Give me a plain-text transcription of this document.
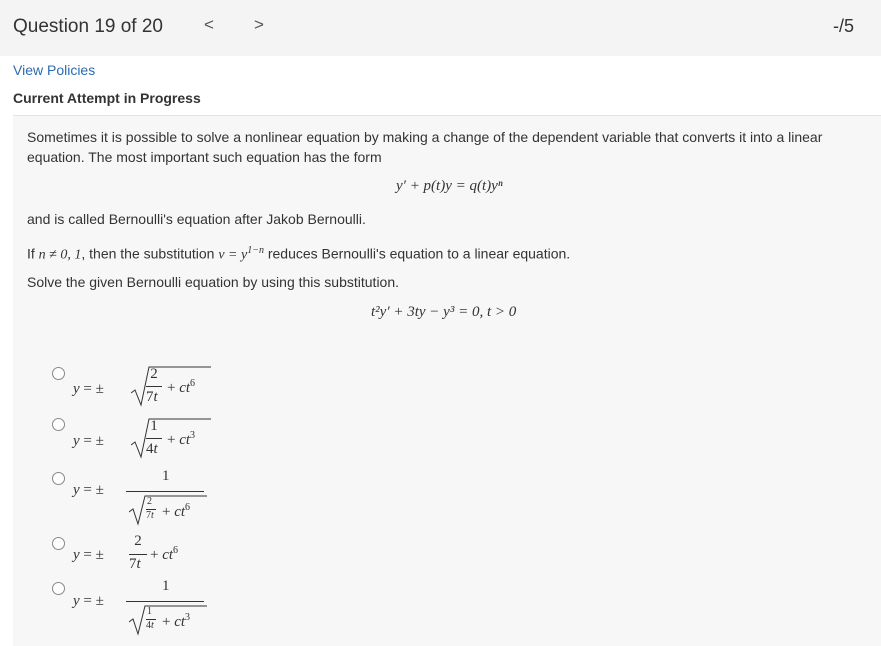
Question 19 of 20 < >	-/5
View Policies
Current Attempt in Progress
Sometimes it is possible to solve a nonlinear equation by making a change of the dependent variable that converts it into a linear
equation. The most important such equation has the form
y′ + p(t)y = q(t)yⁿ
and is called Bernoulli's equation after Jakob Bernoulli.
If n ≠ 0, 1, then the substitution $v = y^{1-n}$ reduces Bernoulli's equation to a linear equation.
Solve the given Bernoulli equation by using this substitution.
t²y′ + 3ty − y³ = 0, t > 0
y = ±
2
7t
+ $ct^6$
y = ±
1
4t
+ $ct^3$
y = ±
1
2
$7t + ct^6$
y = ±
2
7t
+ $ct^6$
y = ±
1
1
$4t + ct^3$
